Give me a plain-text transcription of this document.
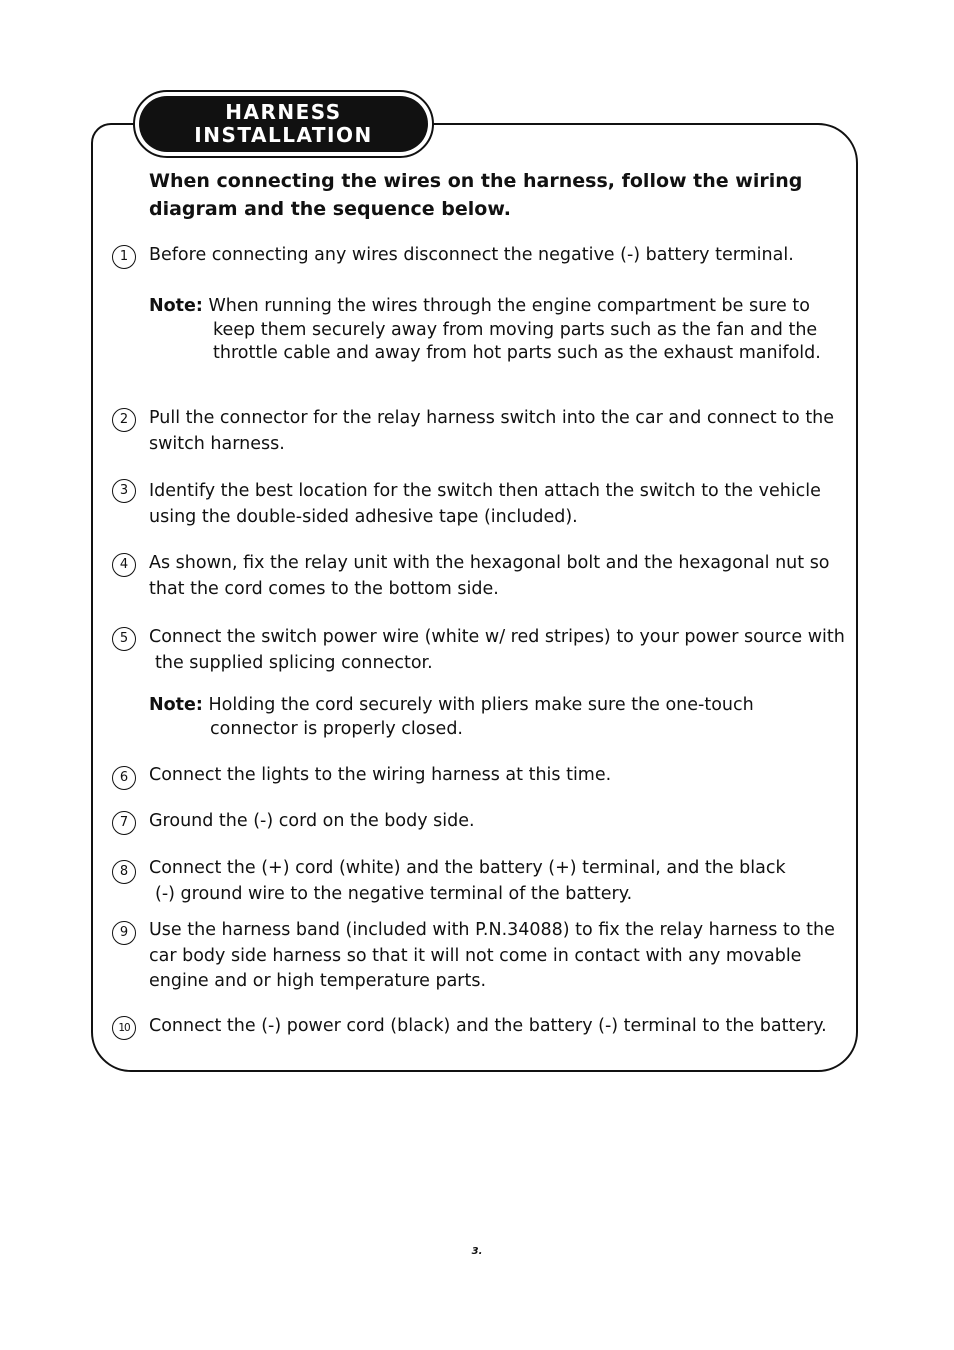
HARNESS
INSTALLATION
When connecting the wires on the harness, follow the wiring diagram and the sequence below.
1	Before connecting any wires disconnect the negative (-) battery terminal.
Note: When running the wires through the engine compartment be sure to
keep them securely away from moving parts such as the fan and the
throttle cable and away from hot parts such as the exhaust manifold.
2	Pull the connector for the relay harness switch into the car and connect to the switch harness.
3	Identify the best location for the switch then attach the switch to the vehicle using the double-sided adhesive tape (included).
4	As shown, fix the relay unit with the hexagonal bolt and the hexagonal nut so that the cord comes to the bottom side.
5	Connect the switch power wire (white w/ red stripes) to your power source with
the supplied splicing connector.
Note: Holding the cord securely with pliers make sure the one-touch
connector is properly closed.
6	Connect the lights to the wiring harness at this time.
7	Ground the (-) cord on the body side.
8	Connect the (+) cord (white) and the battery (+) terminal, and the black
(-) ground wire to the negative terminal of the battery.
9	Use the harness band (included with P.N.34088) to fix the relay harness to the car body side harness so that it will not come in contact with any movable engine and or high temperature parts.
10	Connect the (-) power cord (black) and the battery (-) terminal to the battery.
3.
